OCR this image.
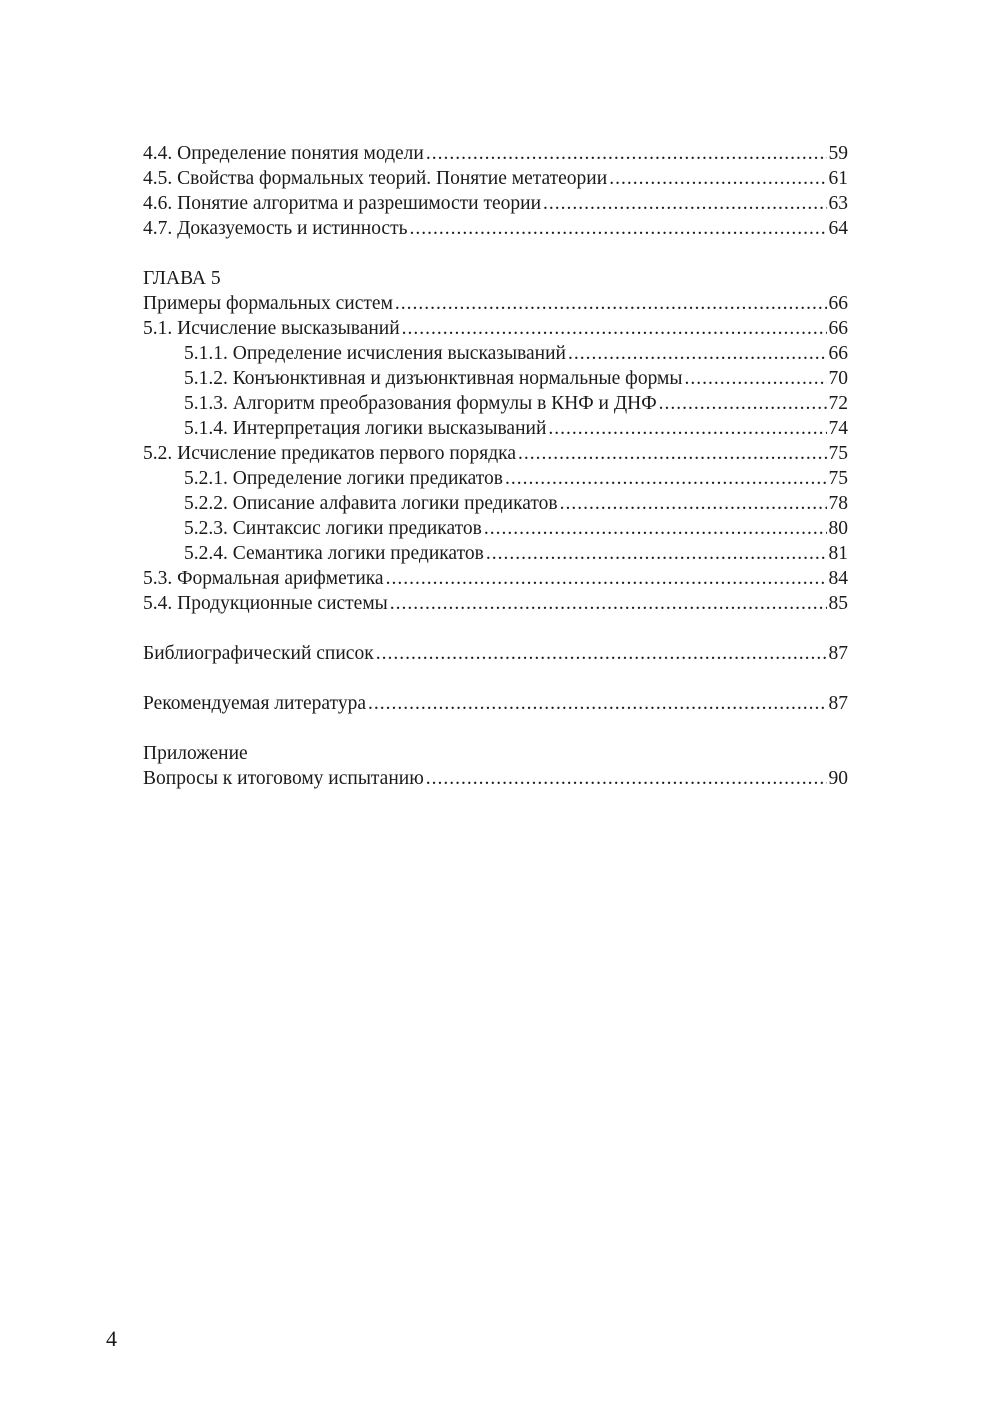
4.4. Определение понятия модели .....	59
4.5. Свойства формальных теорий. Понятие метатеории .....	61
4.6. Понятие алгоритма и разрешимости теории .....	63
4.7. Доказуемость и истинность .....	64
ГЛАВА 5
Примеры формальных систем .....	66
5.1. Исчисление высказываний .....	66
5.1.1. Определение исчисления высказываний .....	66
5.1.2. Конъюнктивная и дизъюнктивная нормальные формы .....	70
5.1.3. Алгоритм преобразования формулы в КНФ и ДНФ .....	72
5.1.4. Интерпретация логики высказываний .....	74
5.2. Исчисление предикатов первого порядка .....	75
5.2.1. Определение логики предикатов .....	75
5.2.2. Описание алфавита логики предикатов .....	78
5.2.3. Синтаксис логики предикатов .....	80
5.2.4. Семантика логики предикатов .....	81
5.3. Формальная арифметика .....	84
5.4. Продукционные системы .....	85
Библиографический список .....	87
Рекомендуемая литература .....	87
Приложение
Вопросы к итоговому испытанию .....	90
4
